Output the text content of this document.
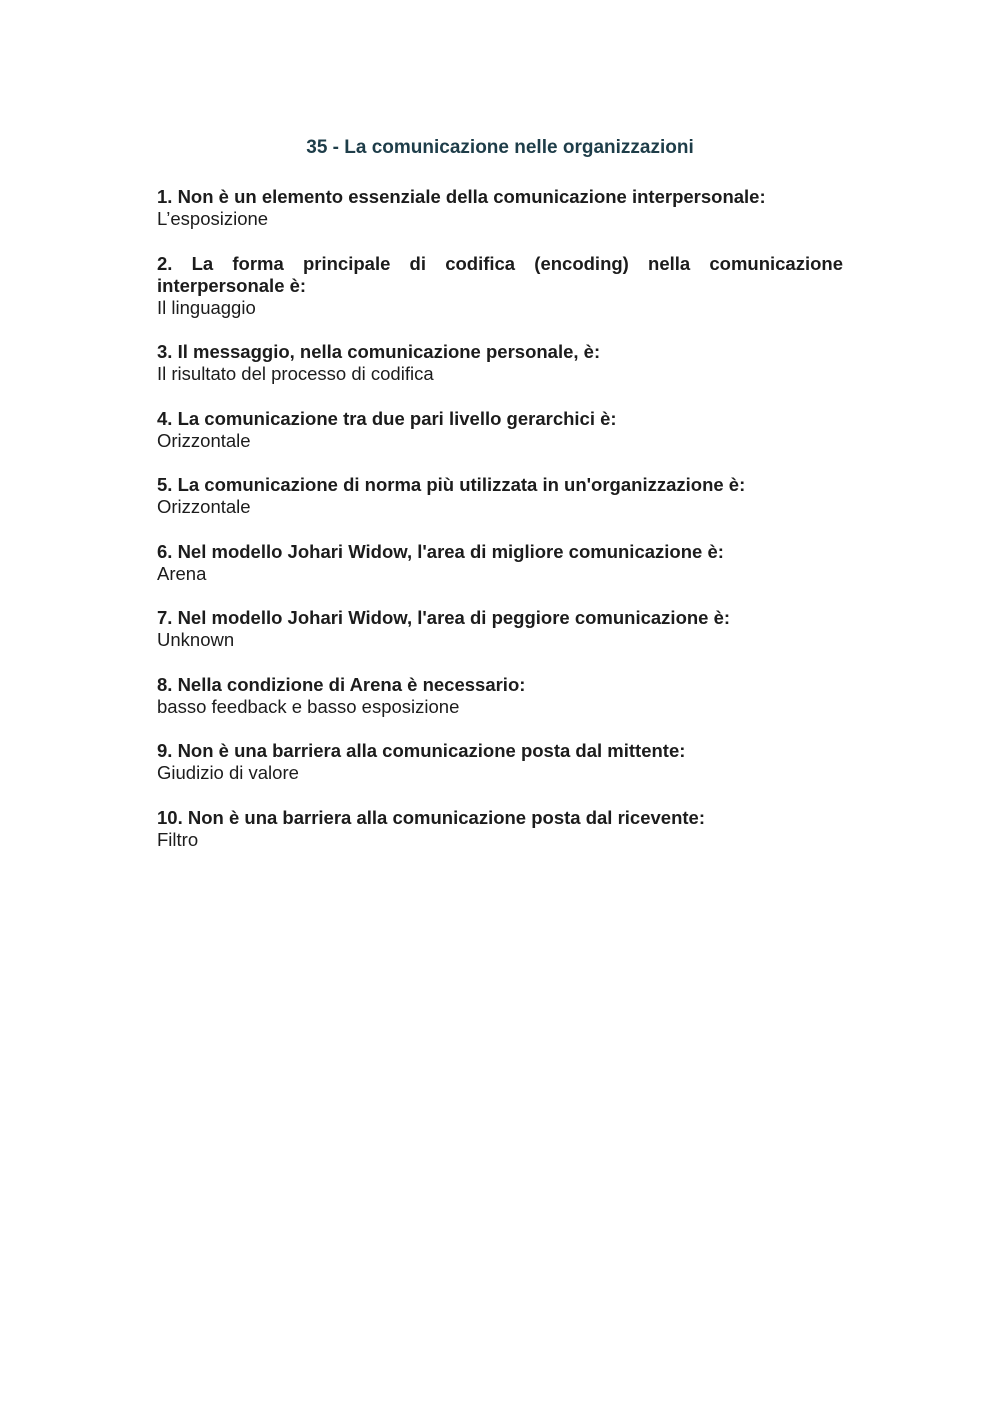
35 - La comunicazione nelle organizzazioni
1. Non è un elemento essenziale della comunicazione interpersonale:
L’esposizione
2. La forma principale di codifica (encoding) nella comunicazione interpersonale è:
Il linguaggio
3. Il messaggio, nella comunicazione personale, è:
Il risultato del processo di codifica
4. La comunicazione tra due pari livello gerarchici è:
Orizzontale
5. La comunicazione di norma più utilizzata in un'organizzazione è:
Orizzontale
6. Nel modello Johari Widow, l'area di migliore comunicazione è:
Arena
7. Nel modello Johari Widow, l'area di peggiore comunicazione è:
Unknown
8. Nella condizione di Arena è necessario:
basso feedback e basso esposizione
9. Non è una barriera alla comunicazione posta dal mittente:
Giudizio di valore
10. Non è una barriera alla comunicazione posta dal ricevente:
Filtro
